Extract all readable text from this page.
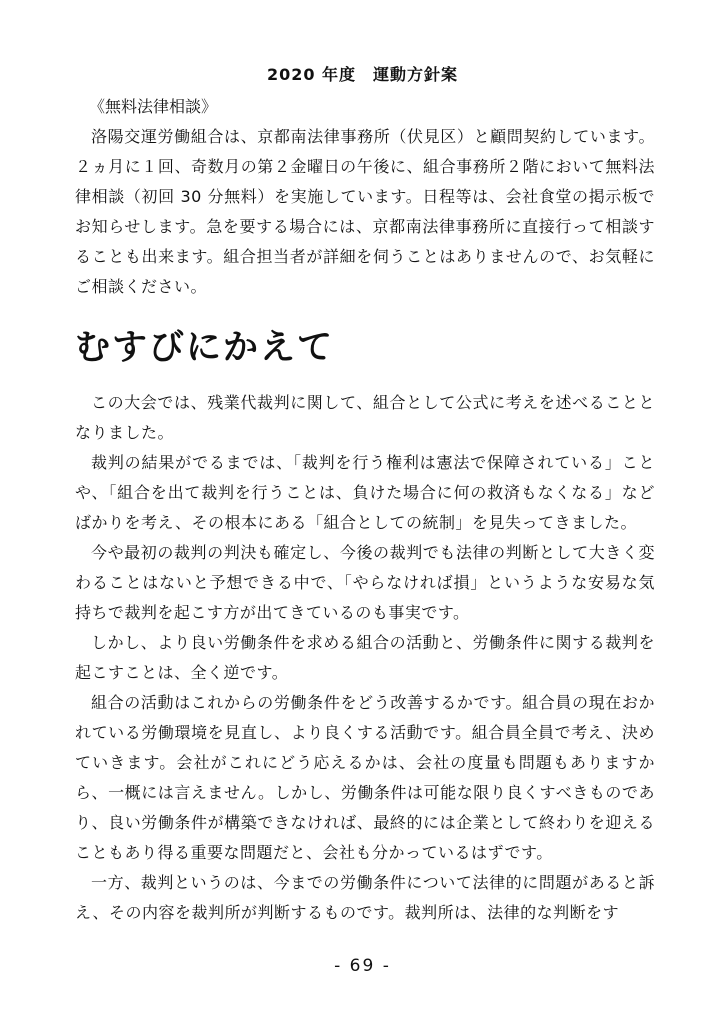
2020 年度　運動方針案

《無料法律相談》

洛陽交運労働組合は、京都南法律事務所（伏見区）と顧問契約しています。２ヵ月に１回、奇数月の第２金曜日の午後に、組合事務所２階において無料法律相談（初回 30 分無料）を実施しています。日程等は、会社食堂の掲示板でお知らせします。急を要する場合には、京都南法律事務所に直接行って相談することも出来ます。組合担当者が詳細を伺うことはありませんので、お気軽にご相談ください。

むすびにかえて

この大会では、残業代裁判に関して、組合として公式に考えを述べることとなりました。

裁判の結果がでるまでは、「裁判を行う権利は憲法で保障されている」ことや、「組合を出て裁判を行うことは、負けた場合に何の救済もなくなる」などばかりを考え、その根本にある「組合としての統制」を見失ってきました。

今や最初の裁判の判決も確定し、今後の裁判でも法律の判断として大きく変わることはないと予想できる中で、「やらなければ損」というような安易な気持ちで裁判を起こす方が出てきているのも事実です。

しかし、より良い労働条件を求める組合の活動と、労働条件に関する裁判を起こすことは、全く逆です。

組合の活動はこれからの労働条件をどう改善するかです。組合員の現在おかれている労働環境を見直し、より良くする活動です。組合員全員で考え、決めていきます。会社がこれにどう応えるかは、会社の度量も問題もありますから、一概には言えません。しかし、労働条件は可能な限り良くすべきものであり、良い労働条件が構築できなければ、最終的には企業として終わりを迎えることもあり得る重要な問題だと、会社も分かっているはずです。

一方、裁判というのは、今までの労働条件について法律的に問題があると訴え、その内容を裁判所が判断するものです。裁判所は、法律的な判断をす

- 69 -
